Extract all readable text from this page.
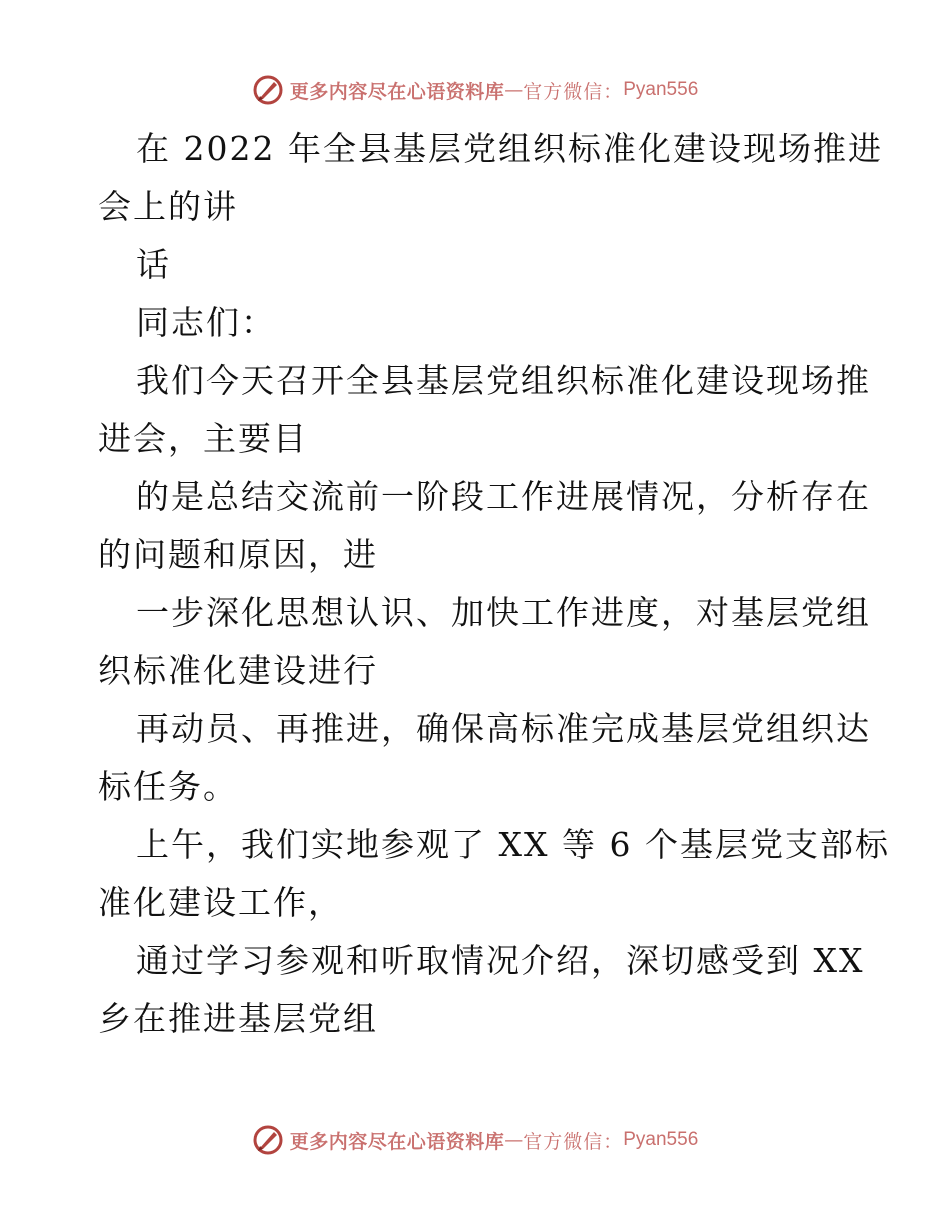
更多内容尽在心语资料库 — 官方微信： Pyan556
在 2022 年全县基层党组织标准化建设现场推进
会上的讲
话
同志们：
我们今天召开全县基层党组织标准化建设现场推
进会，主要目
的是总结交流前一阶段工作进展情况，分析存在
的问题和原因，进
一步深化思想认识、加快工作进度，对基层党组
织标准化建设进行
再动员、再推进，确保高标准完成基层党组织达
标任务。
上午，我们实地参观了 XX 等 6 个基层党支部标
准化建设工作，
通过学习参观和听取情况介绍，深切感受到 XX
乡在推进基层党组
更多内容尽在心语资料库 — 官方微信： Pyan556
